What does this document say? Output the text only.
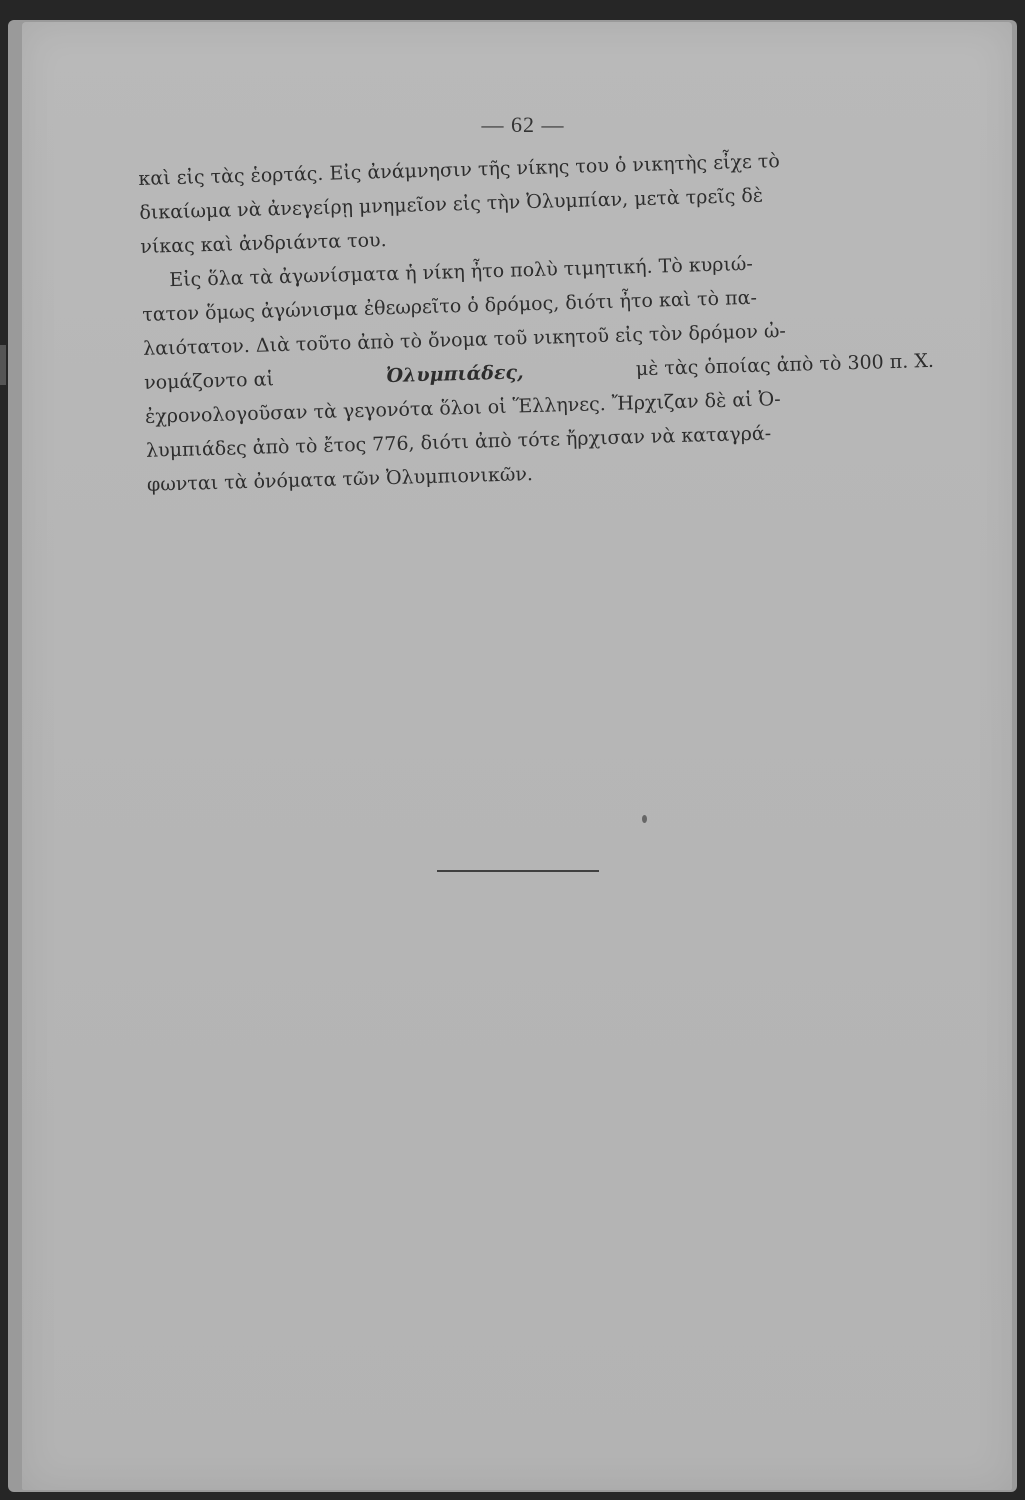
— 62 —
καὶ εἰς τὰς ἑορτάς. Εἰς ἀνάμνησιν τῆς νίκης του ὁ νικητὴς εἶχε τὸ
δικαίωμα νὰ ἀνεγείρῃ μνημεῖον εἰς τὴν Ὀλυμπίαν, μετὰ τρεῖς δὲ
νίκας καὶ ἀνδριάντα του.
Εἰς ὅλα τὰ ἀγωνίσματα ἡ νίκη ἦτο πολὺ τιμητική. Τὸ κυριώ-
τατον ὅμως ἀγώνισμα ἐθεωρεῖτο ὁ δρόμος, διότι ἦτο καὶ τὸ πα-
λαιότατον. Διὰ τοῦτο ἀπὸ τὸ ὄνομα τοῦ νικητοῦ εἰς τὸν δρόμον ὠ-
νομάζοντο αἱ	Ὀλυμπιάδες,	μὲ τὰς ὁποίας ἀπὸ τὸ 300 π. Χ.
ἐχρονολογοῦσαν τὰ γεγονότα ὅλοι οἱ Ἕλληνες. Ἤρχιζαν δὲ αἱ Ὀ-
λυμπιάδες ἀπὸ τὸ ἔτος 776, διότι ἀπὸ τότε ἤρχισαν νὰ καταγρά-
φωνται τὰ ὀνόματα τῶν Ὀλυμπιονικῶν.
